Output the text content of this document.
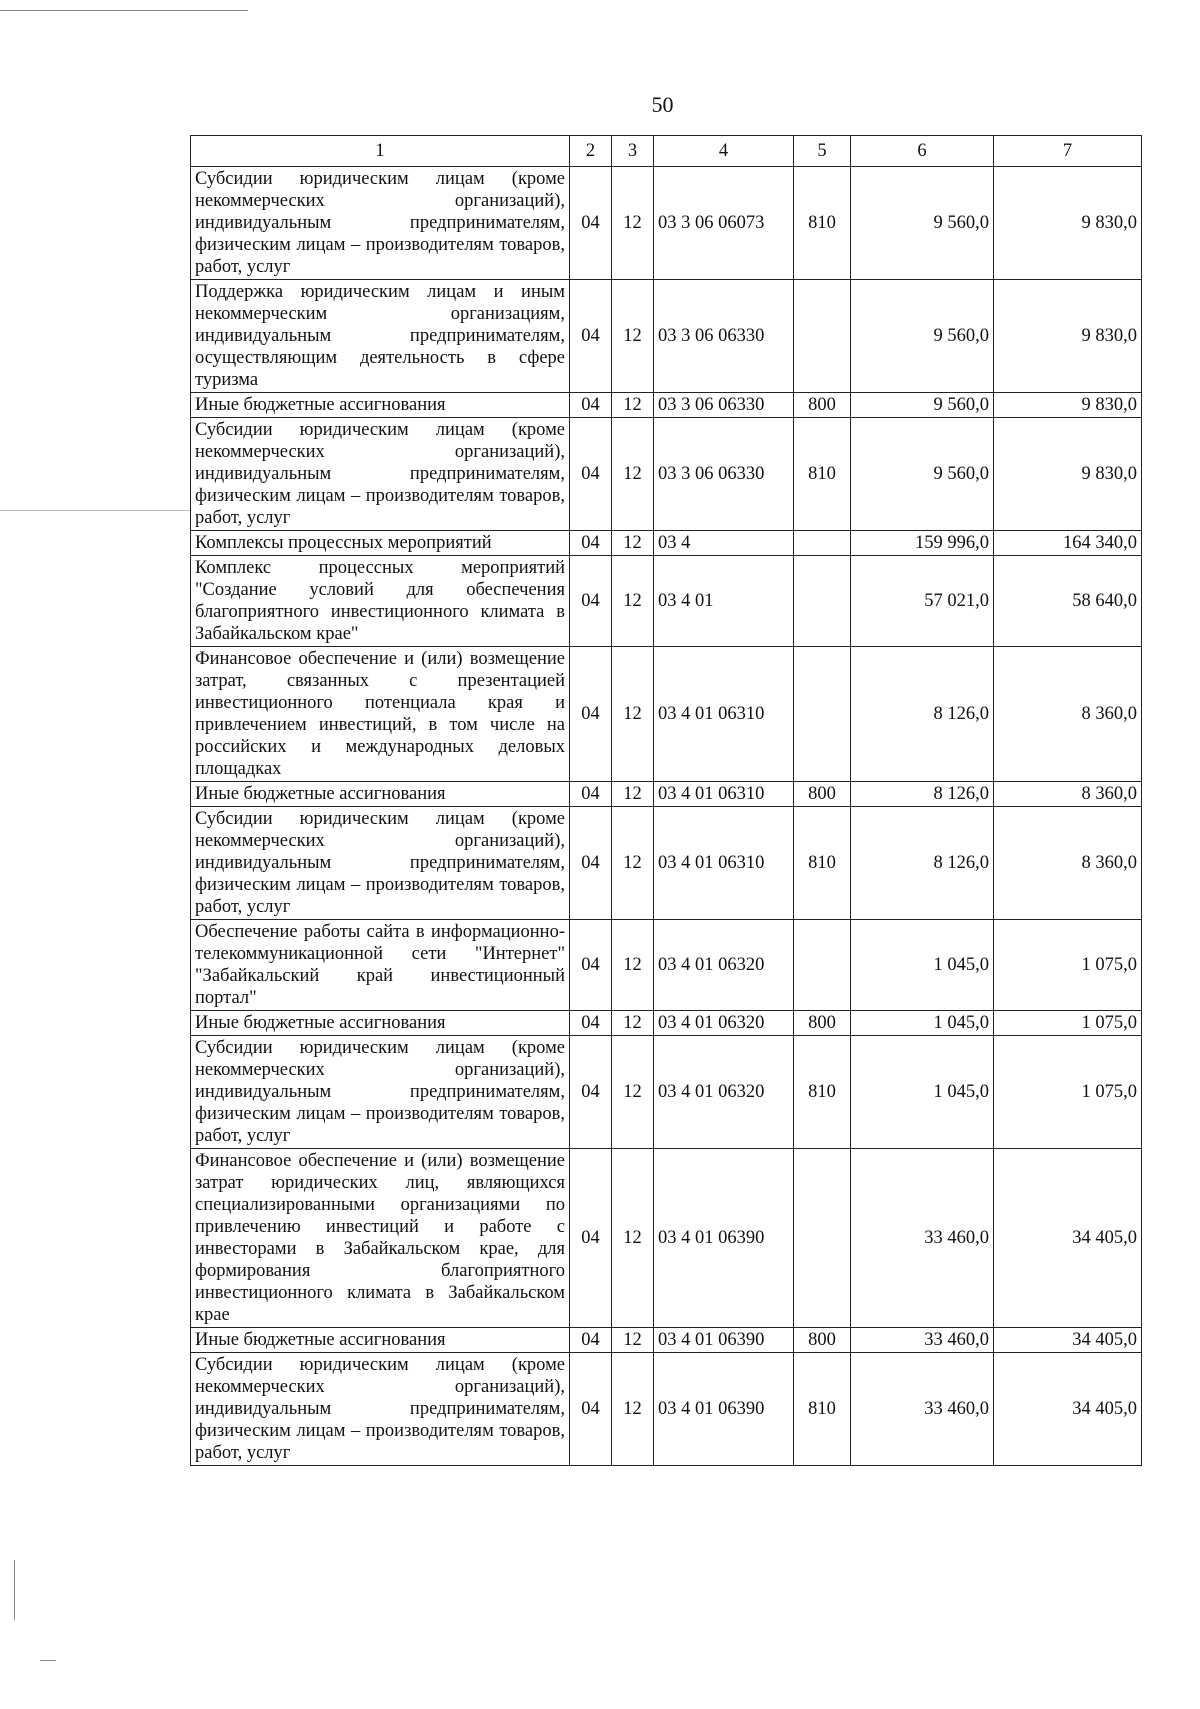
50
1	2	3	4	5	6	7
Субсидии юридическим лицам (кроме некоммерческих организаций), индивидуальным предпринимателям, физическим лицам – производителям товаров, работ, услуг	04	12	03 3 06 06073	810	9 560,0	9 830,0
Поддержка юридическим лицам и иным некоммерческим организациям, индивидуальным предпринимателям, осуществляющим деятельность в сфере туризма	04	12	03 3 06 06330		9 560,0	9 830,0
Иные бюджетные ассигнования	04	12	03 3 06 06330	800	9 560,0	9 830,0
Субсидии юридическим лицам (кроме некоммерческих организаций), индивидуальным предпринимателям, физическим лицам – производителям товаров, работ, услуг	04	12	03 3 06 06330	810	9 560,0	9 830,0
Комплексы процессных мероприятий	04	12	03 4		159 996,0	164 340,0
Комплекс процессных мероприятий "Создание условий для обеспечения благоприятного инвестиционного климата в Забайкальском крае"	04	12	03 4 01		57 021,0	58 640,0
Финансовое обеспечение и (или) возмещение затрат, связанных с презентацией инвестиционного потенциала края и привлечением инвестиций, в том числе на российских и международных деловых площадках	04	12	03 4 01 06310		8 126,0	8 360,0
Иные бюджетные ассигнования	04	12	03 4 01 06310	800	8 126,0	8 360,0
Субсидии юридическим лицам (кроме некоммерческих организаций), индивидуальным предпринимателям, физическим лицам – производителям товаров, работ, услуг	04	12	03 4 01 06310	810	8 126,0	8 360,0
Обеспечение работы сайта в информационно-телекоммуникационной сети "Интернет" "Забайкальский край инвестиционный портал"	04	12	03 4 01 06320		1 045,0	1 075,0
Иные бюджетные ассигнования	04	12	03 4 01 06320	800	1 045,0	1 075,0
Субсидии юридическим лицам (кроме некоммерческих организаций), индивидуальным предпринимателям, физическим лицам – производителям товаров, работ, услуг	04	12	03 4 01 06320	810	1 045,0	1 075,0
Финансовое обеспечение и (или) возмещение затрат юридических лиц, являющихся специализированными организациями по привлечению инвестиций и работе с инвесторами в Забайкальском крае, для формирования благоприятного инвестиционного климата в Забайкальском крае	04	12	03 4 01 06390		33 460,0	34 405,0
Иные бюджетные ассигнования	04	12	03 4 01 06390	800	33 460,0	34 405,0
Субсидии юридическим лицам (кроме некоммерческих организаций), индивидуальным предпринимателям, физическим лицам – производителям товаров, работ, услуг	04	12	03 4 01 06390	810	33 460,0	34 405,0
